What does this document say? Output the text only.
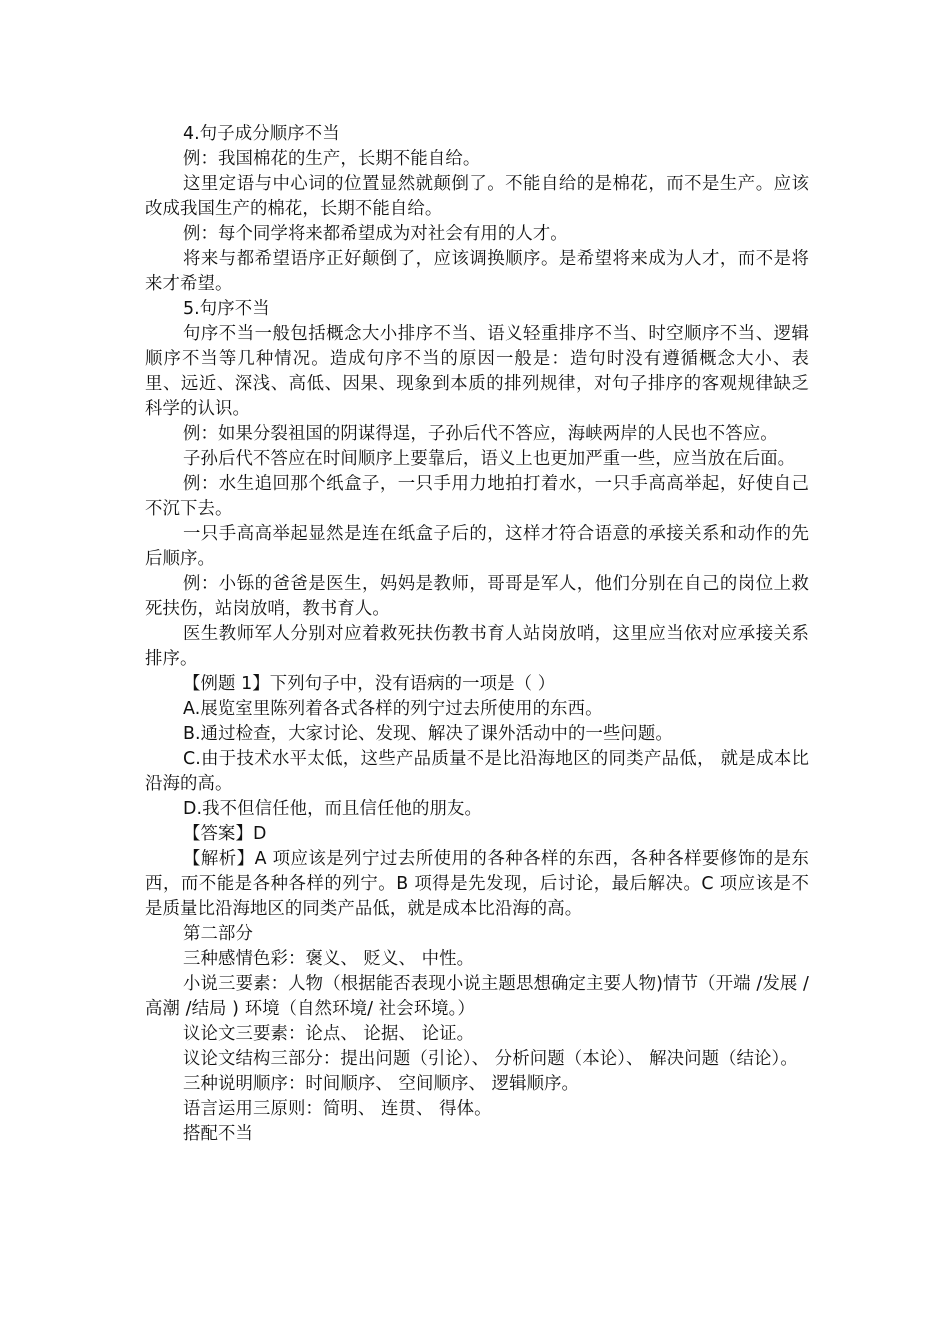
4.句子成分顺序不当

例：我国棉花的生产，长期不能自给。

这里定语与中心词的位置显然就颠倒了。不能自给的是棉花，而不是生产。应该改成我国生产的棉花，长期不能自给。

例：每个同学将来都希望成为对社会有用的人才。

将来与都希望语序正好颠倒了，应该调换顺序。是希望将来成为人才，而不是将来才希望。

5.句序不当

句序不当一般包括概念大小排序不当、语义轻重排序不当、时空顺序不当、逻辑顺序不当等几种情况。造成句序不当的原因一般是：造句时没有遵循概念大小、表里、远近、深浅、高低、因果、现象到本质的排列规律，对句子排序的客观规律缺乏科学的认识。

例：如果分裂祖国的阴谋得逞，子孙后代不答应，海峡两岸的人民也不答应。

子孙后代不答应在时间顺序上要靠后，语义上也更加严重一些，应当放在后面。

例：水生追回那个纸盒子，一只手用力地拍打着水，一只手高高举起，好使自己不沉下去。

一只手高高举起显然是连在纸盒子后的，这样才符合语意的承接关系和动作的先后顺序。

例：小铄的爸爸是医生，妈妈是教师，哥哥是军人，他们分别在自己的岗位上救死扶伤，站岗放哨，教书育人。

医生教师军人分别对应着救死扶伤教书育人站岗放哨，这里应当依对应承接关系排序。

【例题 1】下列句子中，没有语病的一项是（ ）

A.展览室里陈列着各式各样的列宁过去所使用的东西。

B.通过检查，大家讨论、发现、解决了课外活动中的一些问题。

C.由于技术水平太低，这些产品质量不是比沿海地区的同类产品低， 就是成本比沿海的高。

D.我不但信任他，而且信任他的朋友。

【答案】D

【解析】A 项应该是列宁过去所使用的各种各样的东西，各种各样要修饰的是东西，而不能是各种各样的列宁。B 项得是先发现，后讨论，最后解决。C 项应该是不是质量比沿海地区的同类产品低，就是成本比沿海的高。

第二部分

三种感情色彩：褒义、 贬义、 中性。

小说三要素：人物（根据能否表现小说主题思想确定主要人物)情节（开端 /发展 /高潮 /结局 ) 环境（自然环境/ 社会环境。）

议论文三要素：论点、 论据、 论证。

议论文结构三部分：提出问题（引论）、 分析问题（本论）、 解决问题（结论）。

三种说明顺序：时间顺序、 空间顺序、 逻辑顺序。

语言运用三原则：简明、 连贯、 得体。

搭配不当
